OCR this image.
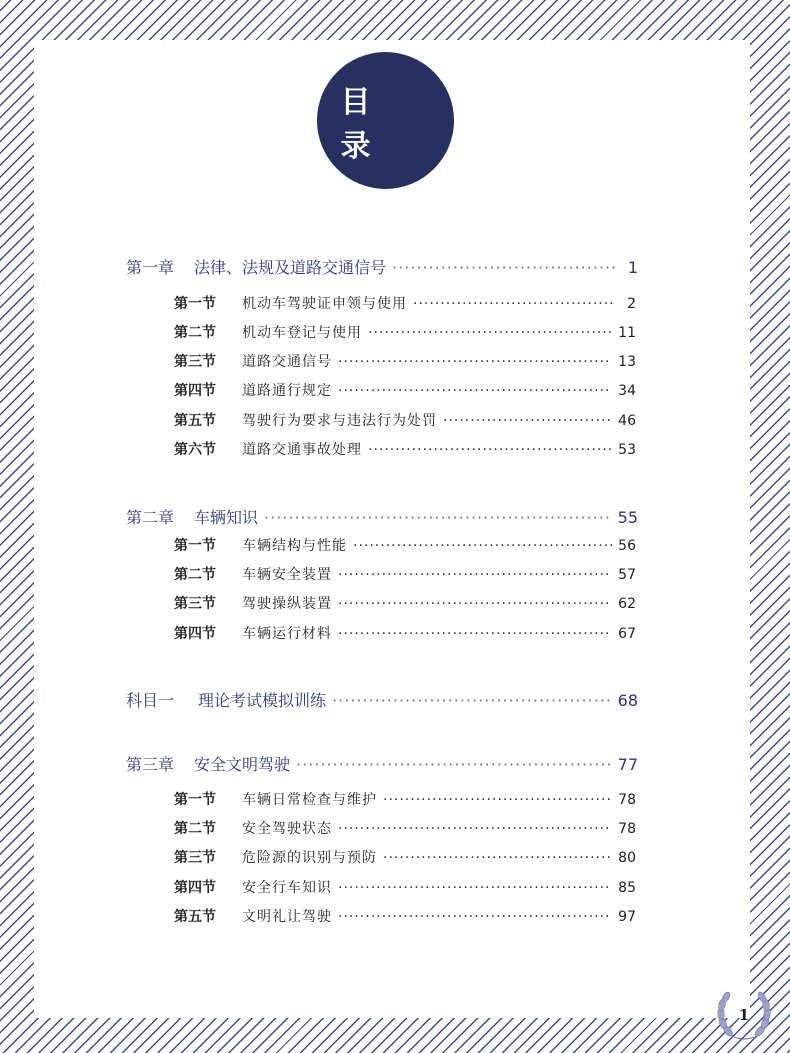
目　录
第一章	法律、法规及道路交通信号 ·····	1
第一节	机动车驾驶证申领与使用 ·····	2
第二节	机动车登记与使用 ·····	11
第三节	道路交通信号 ·····	13
第四节	道路通行规定 ·····	34
第五节	驾驶行为要求与违法行为处罚 ·····	46
第六节	道路交通事故处理 ·····	53
第二章	车辆知识 ·····	55
第一节	车辆结构与性能 ·····	56
第二节	车辆安全装置 ·····	57
第三节	驾驶操纵装置 ·····	62
第四节	车辆运行材料 ·····	67
科目一	理论考试模拟训练 ·····	68
第三章	安全文明驾驶 ·····	77
第一节	车辆日常检查与维护 ·····	78
第二节	安全驾驶状态 ·····	78
第三节	危险源的识别与预防 ·····	80
第四节	安全行车知识 ·····	85
第五节	文明礼让驾驶 ·····	97
1
